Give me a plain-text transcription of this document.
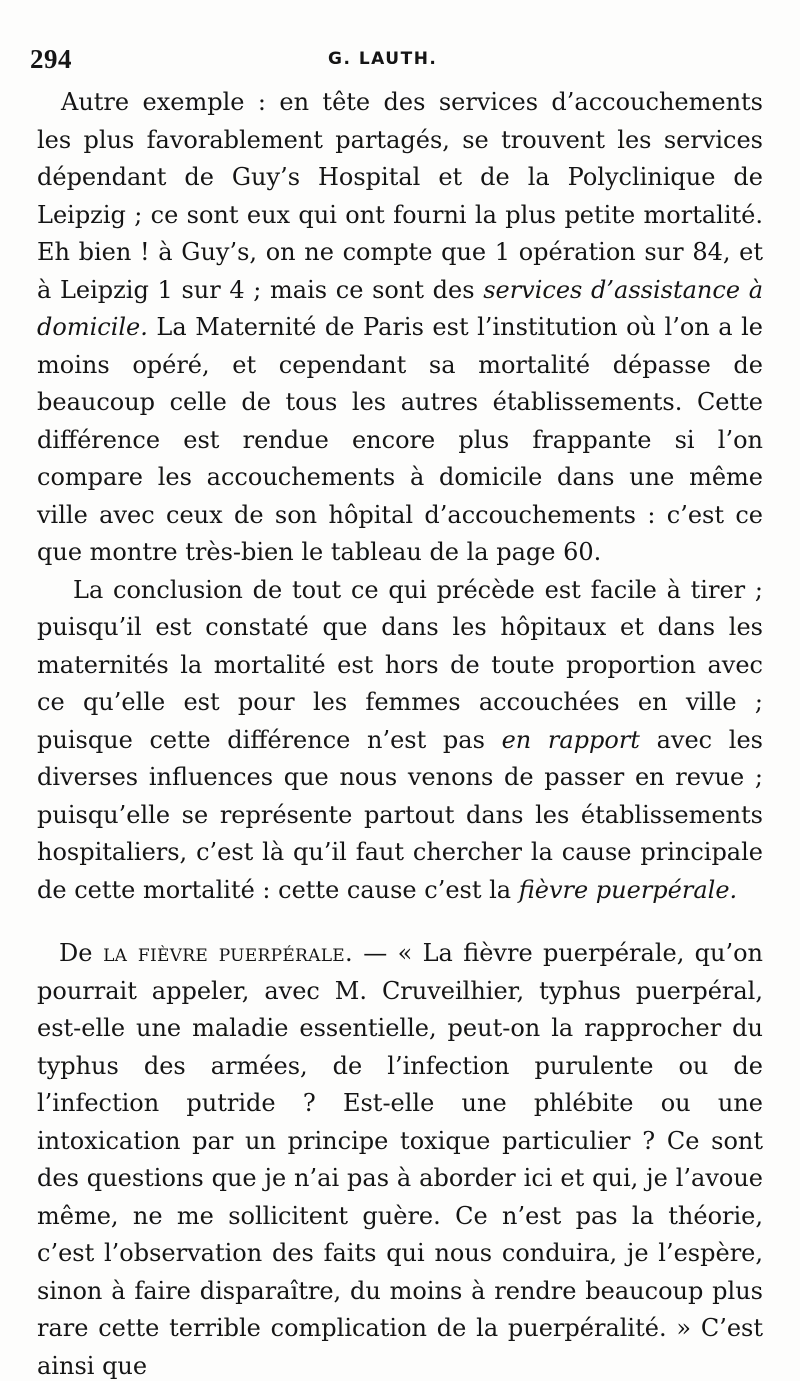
294	G. LAUTH.

Autre exemple : en tête des services d’accouchements les plus favorablement partagés, se trouvent les services dépendant de Guy’s Hospital et de la Polyclinique de Leipzig ; ce sont eux qui ont fourni la plus petite mortalité. Eh bien ! à Guy’s, on ne compte que 1 opération sur 84, et à Leipzig 1 sur 4 ; mais ce sont des services d’assistance à domicile. La Maternité de Paris est l’institution où l’on a le moins opéré, et cependant sa mortalité dépasse de beaucoup celle de tous les autres établissements. Cette différence est rendue encore plus frappante si l’on compare les accouchements à domicile dans une même ville avec ceux de son hôpital d’accouchements : c’est ce que montre très-bien le tableau de la page 60.

La conclusion de tout ce qui précède est facile à tirer ; puisqu’il est constaté que dans les hôpitaux et dans les maternités la mortalité est hors de toute proportion avec ce qu’elle est pour les femmes accouchées en ville ; puisque cette différence n’est pas en rapport avec les diverses influences que nous venons de passer en revue ; puisqu’elle se représente partout dans les établissements hospitaliers, c’est là qu’il faut chercher la cause principale de cette mortalité : cette cause c’est la fièvre puerpérale.

De la fièvre puerpérale. — « La fièvre puerpérale, qu’on pourrait appeler, avec M. Cruveilhier, typhus puerpéral, est-elle une maladie essentielle, peut-on la rapprocher du typhus des armées, de l’infection purulente ou de l’infection putride ? Est-elle une phlébite ou une intoxication par un principe toxique particulier ? Ce sont des questions que je n’ai pas à aborder ici et qui, je l’avoue même, ne me sollicitent guère. Ce n’est pas la théorie, c’est l’observation des faits qui nous conduira, je l’espère, sinon à faire disparaître, du moins à rendre beaucoup plus rare cette terrible complication de la puerpéralité. » C’est ainsi que
